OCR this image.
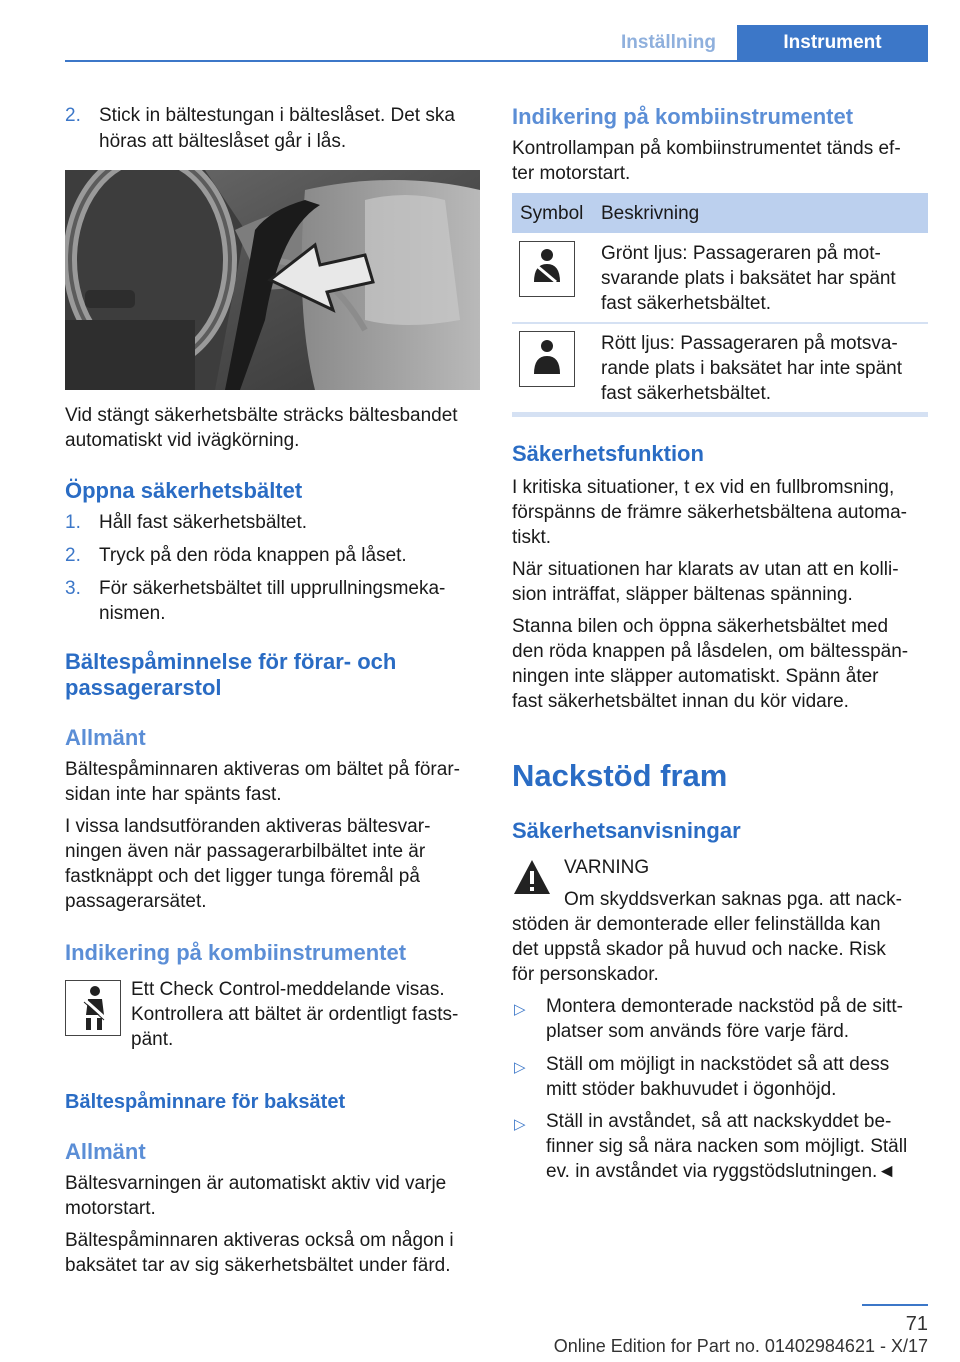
Inställning	Instrument
2. Stick in bältestungan i bälteslåset. Det ska
höras att bälteslåset går i lås.
Vid stängt säkerhetsbälte sträcks bältesbandet
automatiskt vid ivägkörning.
Öppna säkerhetsbältet
1. Håll fast säkerhetsbältet.
2. Tryck på den röda knappen på låset.
3. För säkerhetsbältet till upprullningsmeka‐
nismen.
Bältespåminnelse för förar- och
passagerarstol
Allmänt
Bältespåminnaren aktiveras om bältet på förar‐
sidan inte har spänts fast.
I vissa landsutföranden aktiveras bältesvar‐
ningen även när passagerarbilbältet inte är
fastknäppt och det ligger tunga föremål på
passagerarsätet.
Indikering på kombiinstrumentet
Ett Check Control-meddelande visas.
Kontrollera att bältet är ordentligt fasts‐
pänt.
Bältespåminnare för baksätet
Allmänt
Bältesvarningen är automatiskt aktiv vid varje
motorstart.
Bältespåminnaren aktiveras också om någon i
baksätet tar av sig säkerhetsbältet under färd.
Indikering på kombiinstrumentet
Kontrollampan på kombiinstrumentet tänds ef‐
ter motorstart.
Symbol Beskrivning
Grönt ljus: Passageraren på mot‐
svarande plats i baksätet har spänt
fast säkerhetsbältet.
Rött ljus: Passageraren på motsva‐
rande plats i baksätet har inte spänt
fast säkerhetsbältet.
Säkerhetsfunktion
I kritiska situationer, t ex vid en fullbromsning,
förspänns de främre säkerhetsbältena automa‐
tiskt.
När situationen har klarats av utan att en kolli‐
sion inträffat, släpper bältenas spänning.
Stanna bilen och öppna säkerhetsbältet med
den röda knappen på låsdelen, om bältesspän‐
ningen inte släpper automatiskt. Spänn åter
fast säkerhetsbältet innan du kör vidare.
Nackstöd fram
Säkerhetsanvisningar
VARNING
Om skyddsverkan saknas pga. att nack‐
stöden är demonterade eller felinställda kan
det uppstå skador på huvud och nacke. Risk
för personskador.
▷ Montera demonterade nackstöd på de sitt‐
platser som används före varje färd.
▷ Ställ om möjligt in nackstödet så att dess
mitt stöder bakhuvudet i ögonhöjd.
▷ Ställ in avståndet, så att nackskyddet be‐
finner sig så nära nacken som möjligt. Ställ
ev. in avståndet via ryggstödslutningen.◄
71
Online Edition for Part no. 01402984621 - X/17
